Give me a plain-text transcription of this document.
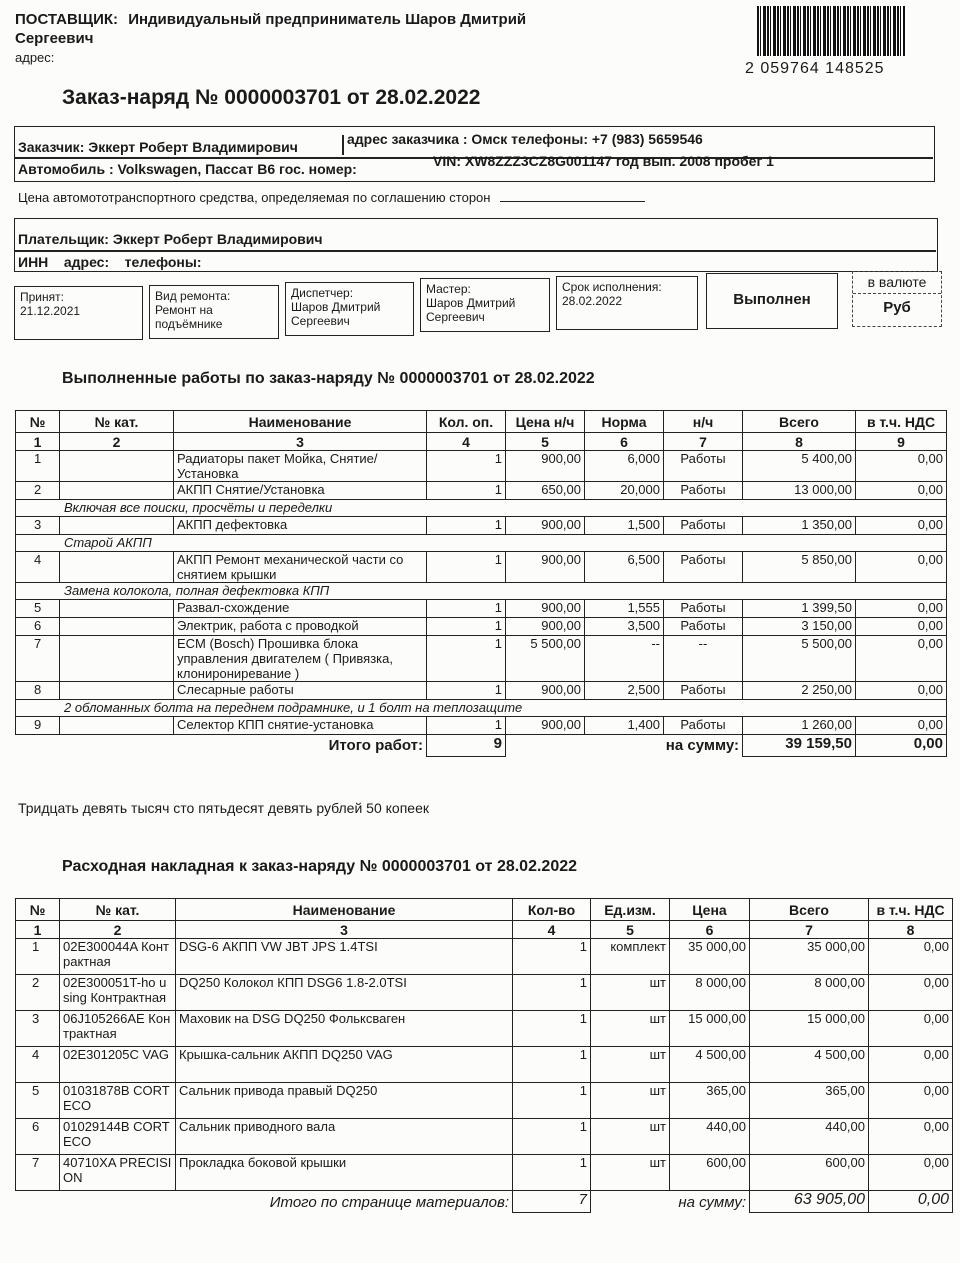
ПОСТАВЩИК: Индивидуальный предприниматель Шаров Дмитрий
Сергеевич
адрес:
2 059764 148525
Заказ-наряд № 0000003701 от 28.02.2022
Заказчик: Эккерт Роберт Владимирович	адрес заказчика : Омск телефоны: +7 (983) 5659546
Автомобиль : Volkswagen, Пассат В6 гос. номер:	VIN: XW8ZZZ3CZ8G001147 год вып. 2008 пробег 1
Цена автомототранспортного средства, определяемая по соглашению сторон
Плательщик: Эккерт Роберт Владимирович
ИНН    адрес:    телефоны:
Принят:
21.12.2021
Вид ремонта:
Ремонт на подъёмнике
Диспетчер:
Шаров Дмитрий Сергеевич
Мастер:
Шаров Дмитрий Сергеевич
Срок исполнения:
28.02.2022	Выполнен
в валюте
Руб
Выполненные работы по заказ-наряду № 0000003701 от 28.02.2022
№	№ кат.	Наименование	Кол. оп.	Цена н/ч	Норма	н/ч	Всего	в т.ч. НДС
1	2	3	4	5	6	7	8	9
1		Радиаторы пакет Мойка, Снятие/Установка	1	900,00	6,000	Работы	5 400,00	0,00
2		АКПП Снятие/Установка	1	650,00	20,000	Работы	13 000,00	0,00
Включая все поиски, просчёты и переделки								
3		АКПП дефектовка	1	900,00	1,500	Работы	1 350,00	0,00
Старой АКПП								
4		АКПП Ремонт механической части со снятием крышки	1	900,00	6,500	Работы	5 850,00	0,00
Замена колокола, полная дефектовка КПП								
5		Развал-схождение	1	900,00	1,555	Работы	1 399,50	0,00
6		Электрик, работа с проводкой	1	900,00	3,500	Работы	3 150,00	0,00
7		ECM (Bosch) Прошивка блока управления двигателем ( Привязка, клонирониревание )	1	5 500,00	--	--	5 500,00	0,00
8		Слесарные работы	1	900,00	2,500	Работы	2 250,00	0,00
2 обломанных болта на переднем подрамнике, и 1 болт на теплозащите								
9		Селектор КПП снятие-установка	1	900,00	1,400	Работы	1 260,00	0,00
Итого работ:			9	на сумму:			39 159,50	0,00
Тридцать девять тысяч сто пятьдесят девять рублей 50 копеек
Расходная накладная к заказ-наряду № 0000003701 от 28.02.2022
№	№ кат.	Наименование	Кол-во	Ед.изм.	Цена	Всего	в т.ч. НДС
1	2	3	4	5	6	7	8
1	02E300044A Контрактная	DSG-6 АКПП VW JBT JPS 1.4TSI	1	комплект	35 000,00	35 000,00	0,00
2	02E300051T-ho using Контрактная	DQ250 Колокол КПП DSG6 1.8-2.0TSI	1	шт	8 000,00	8 000,00	0,00
3	06J105266AE Контрактная	Маховик на DSG DQ250 Фольксваген	1	шт	15 000,00	15 000,00	0,00
4	02E301205C VAG	Крышка-сальник АКПП DQ250 VAG	1	шт	4 500,00	4 500,00	0,00
5	01031878B CORTECO	Сальник привода правый DQ250	1	шт	365,00	365,00	0,00
6	01029144B CORTECO	Сальник приводного вала	1	шт	440,00	440,00	0,00
7	40710XA PRECISION	Прокладка боковой крышки	1	шт	600,00	600,00	0,00
Итого по странице материалов:			7	на сумму:		63 905,00	0,00
